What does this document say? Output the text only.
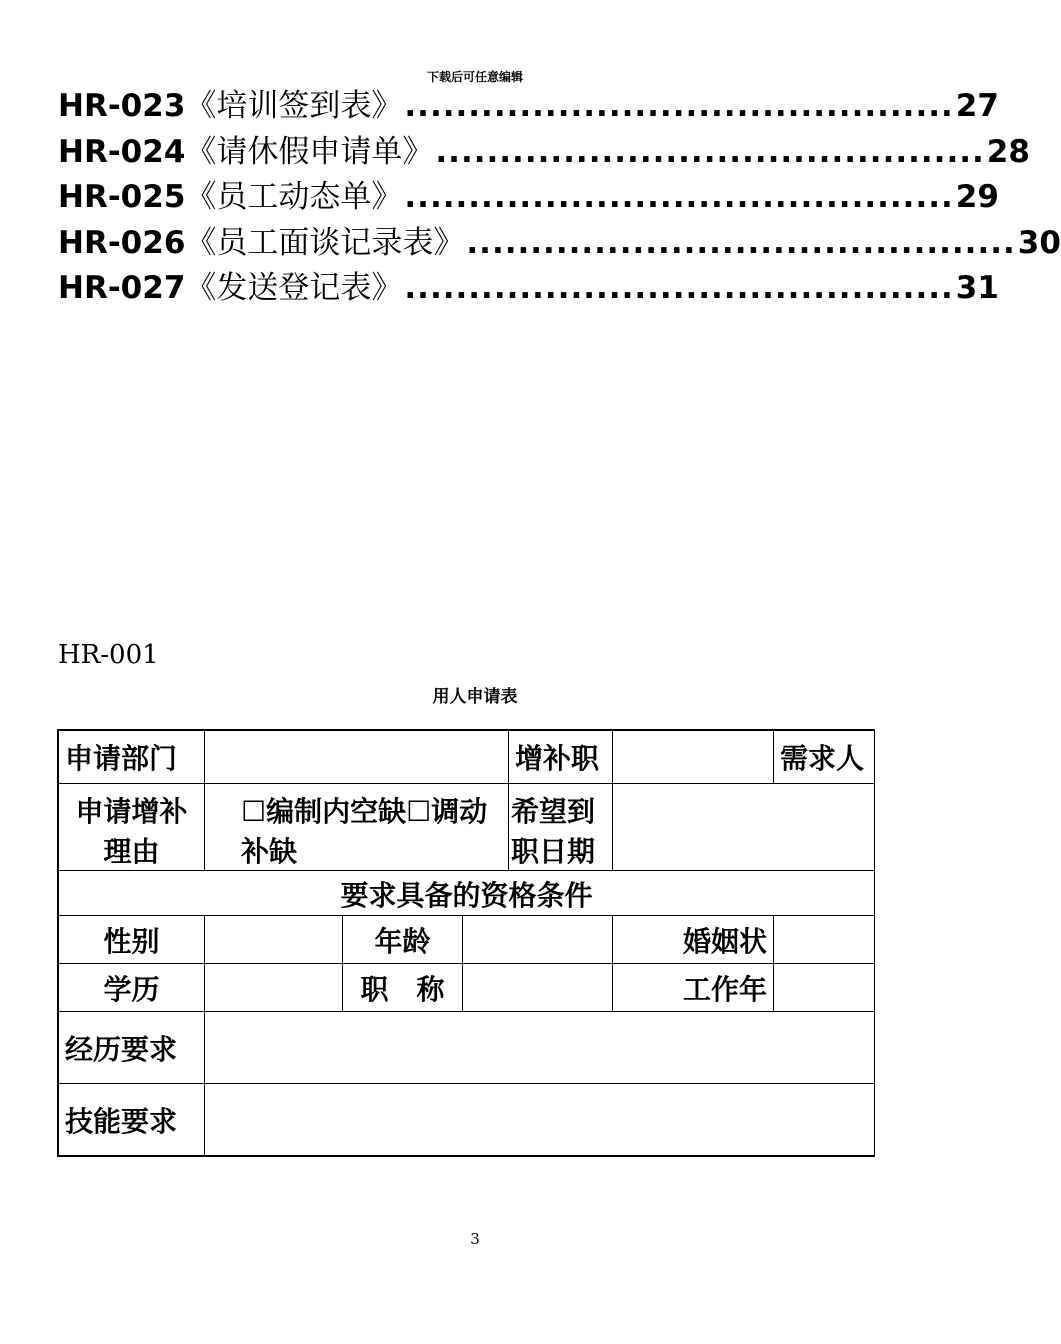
下载后可任意编辑
HR-023 《培训签到表》 ........................................... 27
HR-024 《请休假申请单》 ........................................... 28
HR-025 《员工动态单》 ........................................... 29
HR-026 《员工面谈记录表》 ........................................... 30
HR-027 《发送登记表》 ........................................... 31
HR-001
用人申请表
申请部门				增补职		需求人
申请增补理由	☐编制内空缺☐调动补缺			希望到职日期		
要求具备的资格条件						
性别		年龄			婚姻状	
学历		职　称			工作年	
经历要求						
技能要求						
3
